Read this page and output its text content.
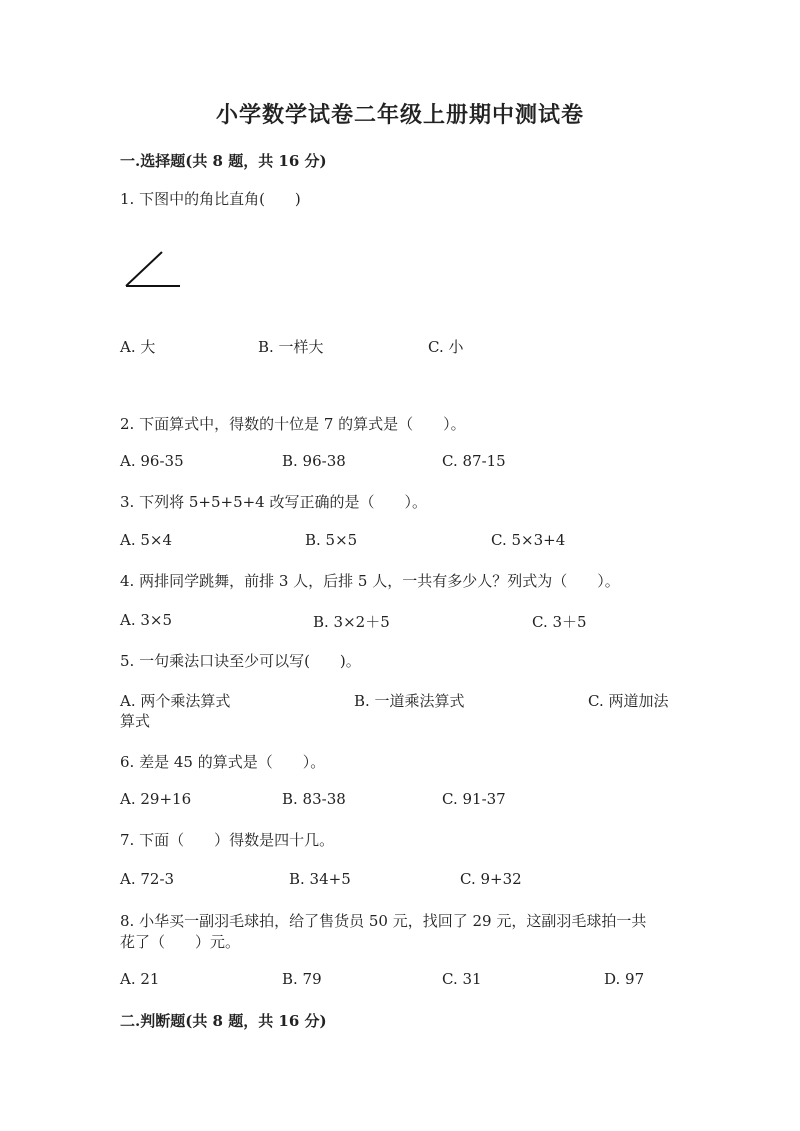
小学数学试卷二年级上册期中测试卷
一.选择题(共 8 题，共 16 分)
1. 下图中的角比直角(　　)
A. 大	B. 一样大	C. 小
2. 下面算式中，得数的十位是 7 的算式是（　　）。
A. 96-35	B. 96-38	C. 87-15
3. 下列将 5+5+5+4 改写正确的是（　　）。
A. 5×4	B. 5×5	C. 5×3+4
4. 两排同学跳舞，前排 3 人，后排 5 人，一共有多少人？列式为（　　）。
A. 3×5	B. 3×2＋5	C. 3＋5
5. 一句乘法口诀至少可以写(　　)。
A. 两个乘法算式	B. 一道乘法算式	C. 两道加法
算式
6. 差是 45 的算式是（　　）。
A. 29+16	B. 83-38	C. 91-37
7. 下面（　　）得数是四十几。
A. 72-3	B. 34+5	C. 9+32
8. 小华买一副羽毛球拍，给了售货员 50 元，找回了 29 元，这副羽毛球拍一共
花了（　　）元。
A. 21	B. 79	C. 31	D. 97
二.判断题(共 8 题，共 16 分)
